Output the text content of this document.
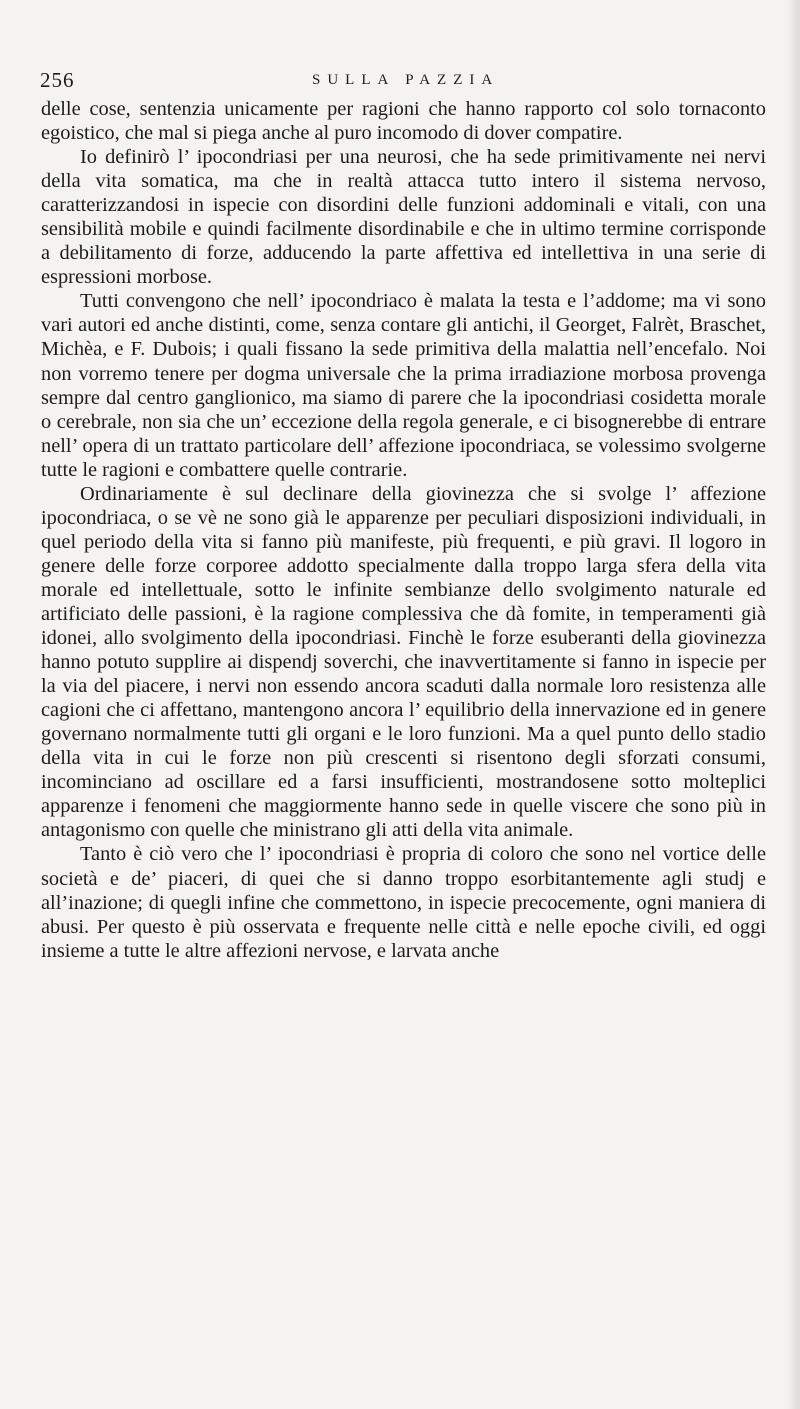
256	SULLA PAZZIA

delle cose, sentenzia unicamente per ragioni che hanno rapporto col solo tornaconto egoistico, che mal si piega anche al puro incomodo di dover compatire.

Io definirò l’ ipocondriasi per una neurosi, che ha sede primitivamente nei nervi della vita somatica, ma che in realtà attacca tutto intero il sistema nervoso, caratterizzandosi in ispecie con disordini delle funzioni addominali e vitali, con una sensibilità mobile e quindi facilmente disordinabile e che in ultimo termine corrisponde a debilitamento di forze, adducendo la parte affettiva ed intellettiva in una serie di espressioni morbose.

Tutti convengono che nell’ ipocondriaco è malata la testa e l’addome; ma vi sono vari autori ed anche distinti, come, senza contare gli antichi, il Georget, Falrèt, Braschet, Michèa, e F. Dubois; i quali fissano la sede primitiva della malattia nell’encefalo. Noi non vorremo tenere per dogma universale che la prima irradiazione morbosa provenga sempre dal centro ganglionico, ma siamo di parere che la ipocondriasi cosidetta morale o cerebrale, non sia che un’ eccezione della regola generale, e ci bisognerebbe di entrare nell’ opera di un trattato particolare dell’ affezione ipocondriaca, se volessimo svolgerne tutte le ragioni e combattere quelle contrarie.

Ordinariamente è sul declinare della giovinezza che si svolge l’ affezione ipocondriaca, o se vè ne sono già le apparenze per peculiari disposizioni individuali, in quel periodo della vita si fanno più manifeste, più frequenti, e più gravi. Il logoro in genere delle forze corporee addotto specialmente dalla troppo larga sfera della vita morale ed intellettuale, sotto le infinite sembianze dello svolgimento naturale ed artificiato delle passioni, è la ragione complessiva che dà fomite, in temperamenti già idonei, allo svolgimento della ipocondriasi. Finchè le forze esuberanti della giovinezza hanno potuto supplire ai dispendj soverchi, che inavvertitamente si fanno in ispecie per la via del piacere, i nervi non essendo ancora scaduti dalla normale loro resistenza alle cagioni che ci affettano, mantengono ancora l’ equilibrio della innervazione ed in genere governano normalmente tutti gli organi e le loro funzioni. Ma a quel punto dello stadio della vita in cui le forze non più crescenti si risentono degli sforzati consumi, incominciano ad oscillare ed a farsi insufficienti, mostrandosene sotto molteplici apparenze i fenomeni che maggiormente hanno sede in quelle viscere che sono più in antagonismo con quelle che ministrano gli atti della vita animale.

Tanto è ciò vero che l’ ipocondriasi è propria di coloro che sono nel vortice delle società e de’ piaceri, di quei che si danno troppo esorbitantemente agli studj e all’inazione; di quegli infine che commettono, in ispecie precocemente, ogni maniera di abusi. Per questo è più osservata e frequente nelle città e nelle epoche civili, ed oggi insieme a tutte le altre affezioni nervose, e larvata anche
